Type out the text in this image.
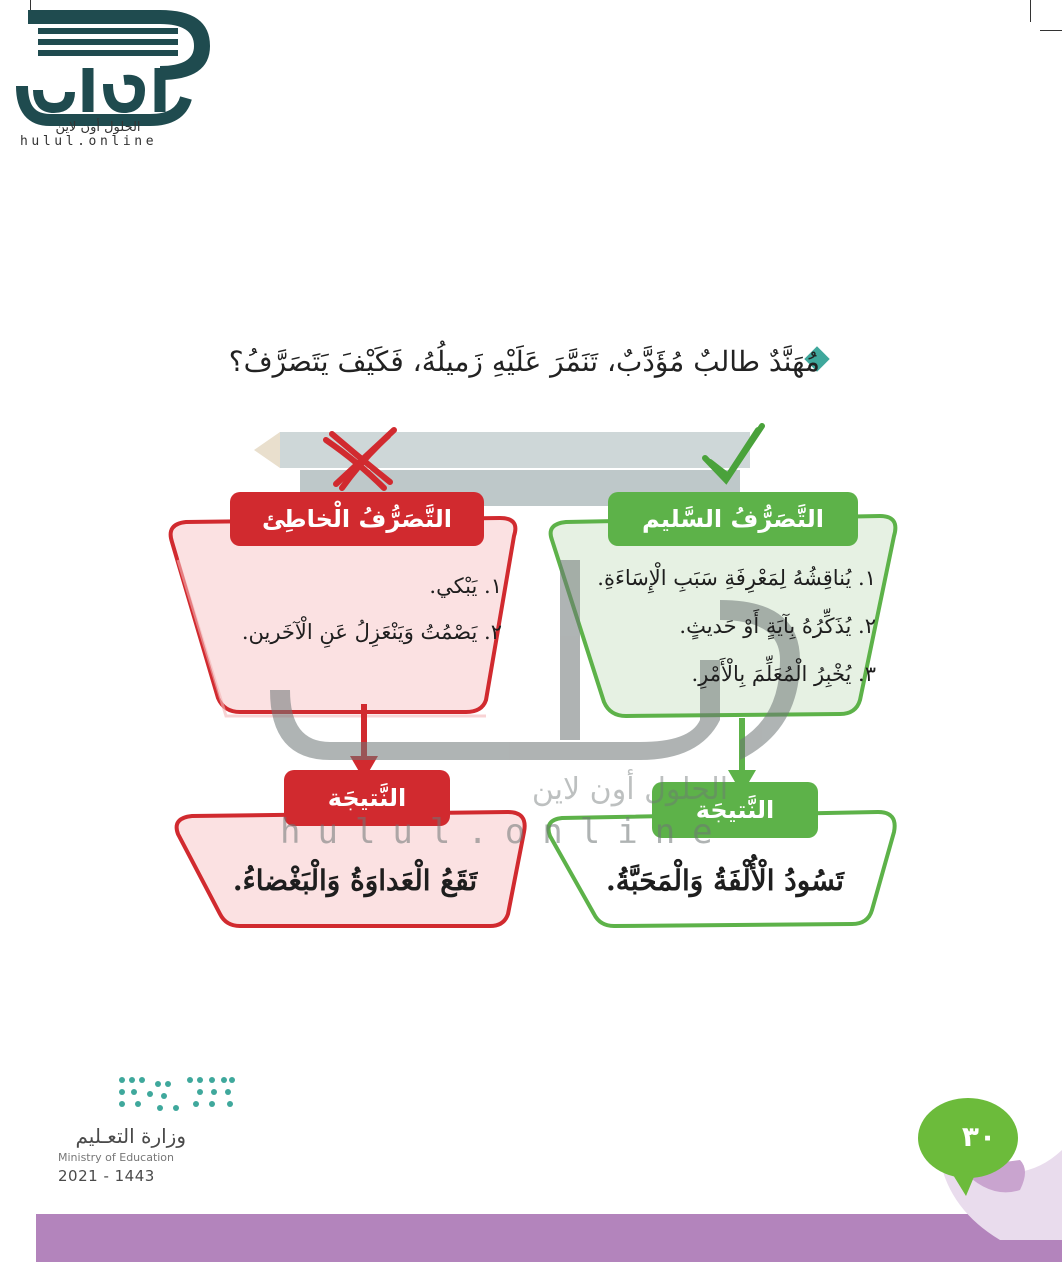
الحلول أون لاين
hulul.online
مُهَنَّدٌ طالبٌ مُؤَدَّبٌ، تَنَمَّرَ عَلَيْهِ زَميلُهُ، فَكَيْفَ يَتَصَرَّفُ؟
التَّصَرُّفُ السَّليم
التَّصَرُّفُ الْخاطِئ
١. يُناقِشُهُ لِمَعْرِفَةِ سَبَبِ الْإِسَاءَةِ.
٢. يُذَكِّرُهُ بِآيَةٍ أَوْ حَديثٍ.
٣. يُخْبِرُ الْمُعَلِّمَ بِالْأَمْرِ.
١. يَبْكي.
٢. يَصْمُتُ وَيَنْعَزِلُ عَنِ الْآخَرين.
النَّتيجَة
النَّتيجَة
تَسُودُ الْأُلْفَةُ وَالْمَحَبَّةُ.
تَقَعُ الْعَداوَةُ وَالْبَغْضاءُ.
hulul.online
الحلول أون لاين
وزارة التعـليم
Ministry of Education
2021 - 1443
٣٠
